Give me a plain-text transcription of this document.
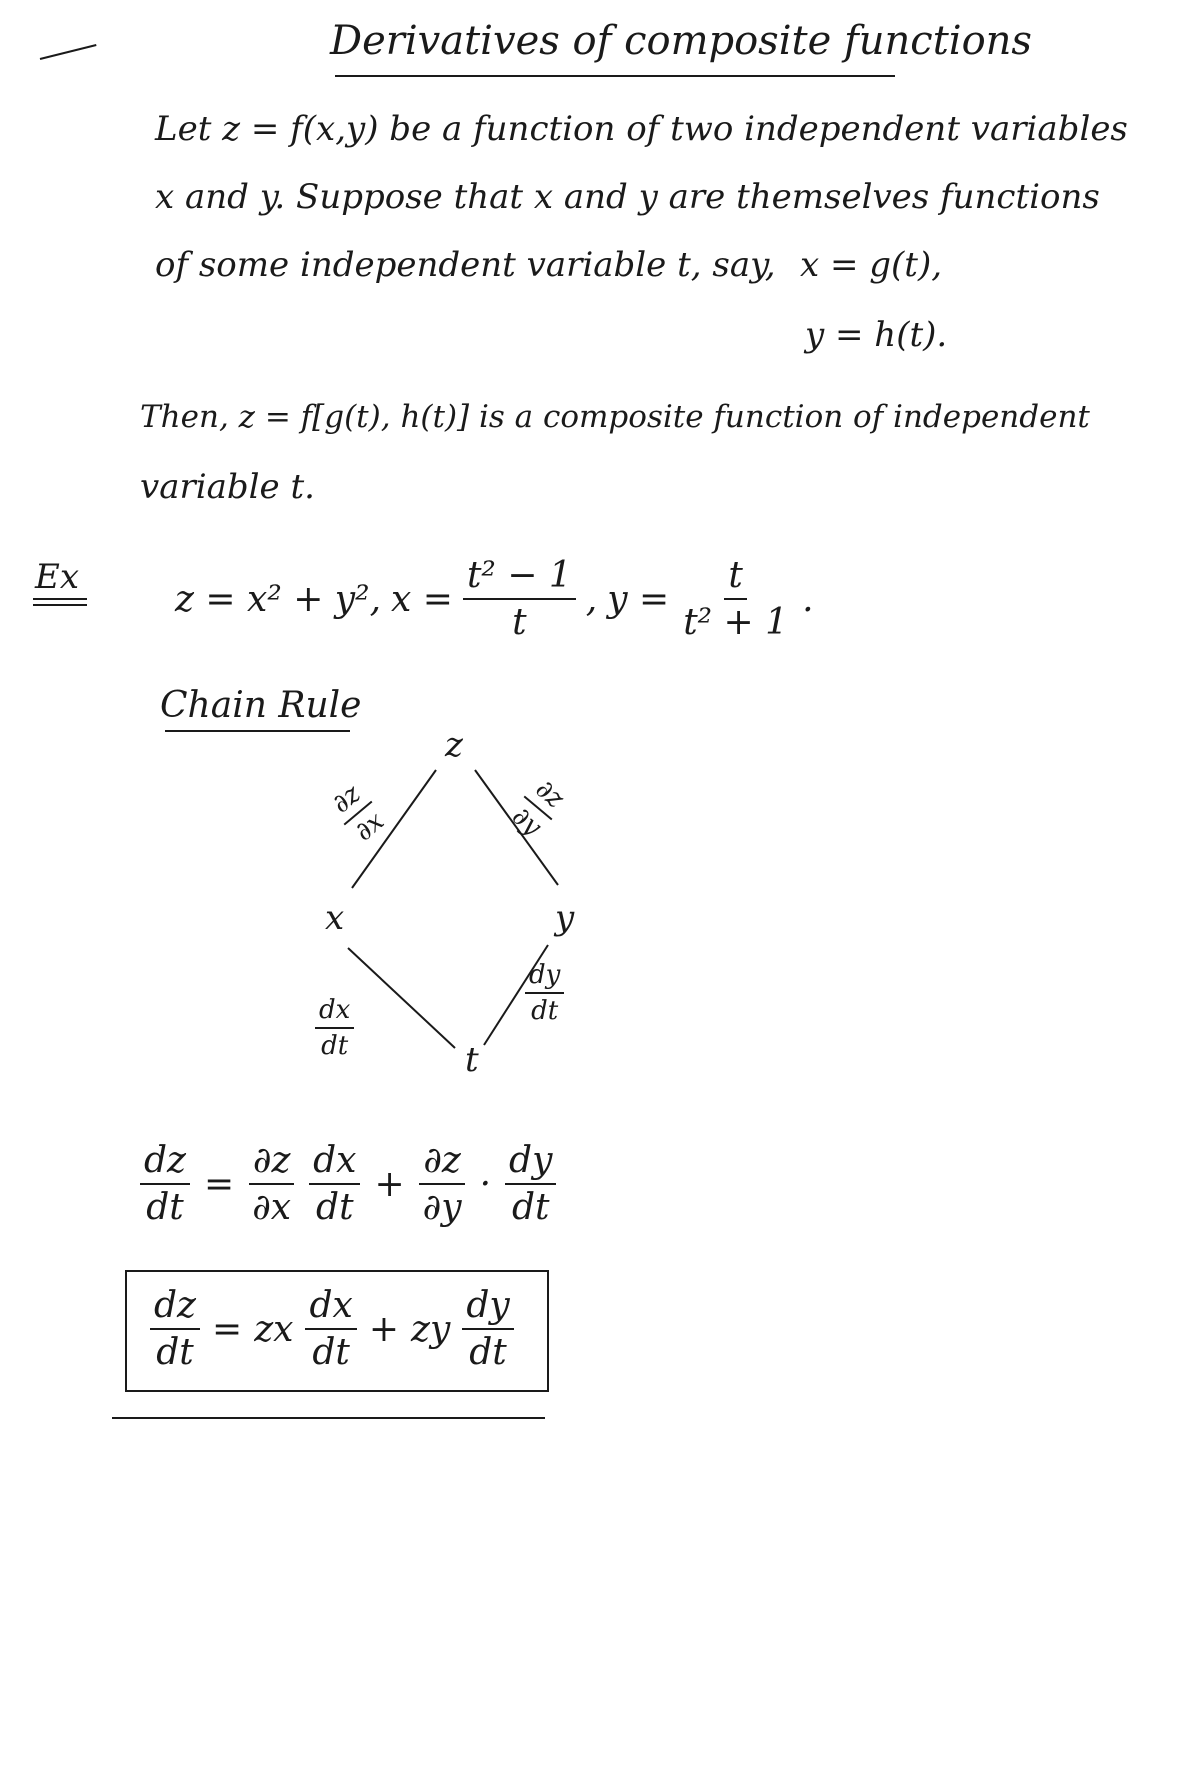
Derivatives of composite functions
Let z = f(x,y) be a function of two independent variables
x and y. Suppose that x and y are themselves functions
of some independent variable t, say, x = g(t),
y = h(t).
Then, z = f[g(t), h(t)] is a composite function of independent
variable t.
Ex
z = x² + y², $x = \frac{\text{t² − 1}}{t}$ , $y = \frac{t}{\text{t² + 1}}$ .
Chain Rule
z
x	y
t
∂z
∂x
∂z
∂y
$\frac{dx}{dt}$
$\frac{dy}{dt}$
$\frac{dz}{dt} = \frac{\partial z}{\partial x} \frac{dx}{dt} + \frac{\partial z}{\partial y} \cdot \frac{dy}{dt}$
$\frac{dz}{dt}$ = zx $\frac{dx}{dt}$ + zy $\frac{dy}{dt}$
